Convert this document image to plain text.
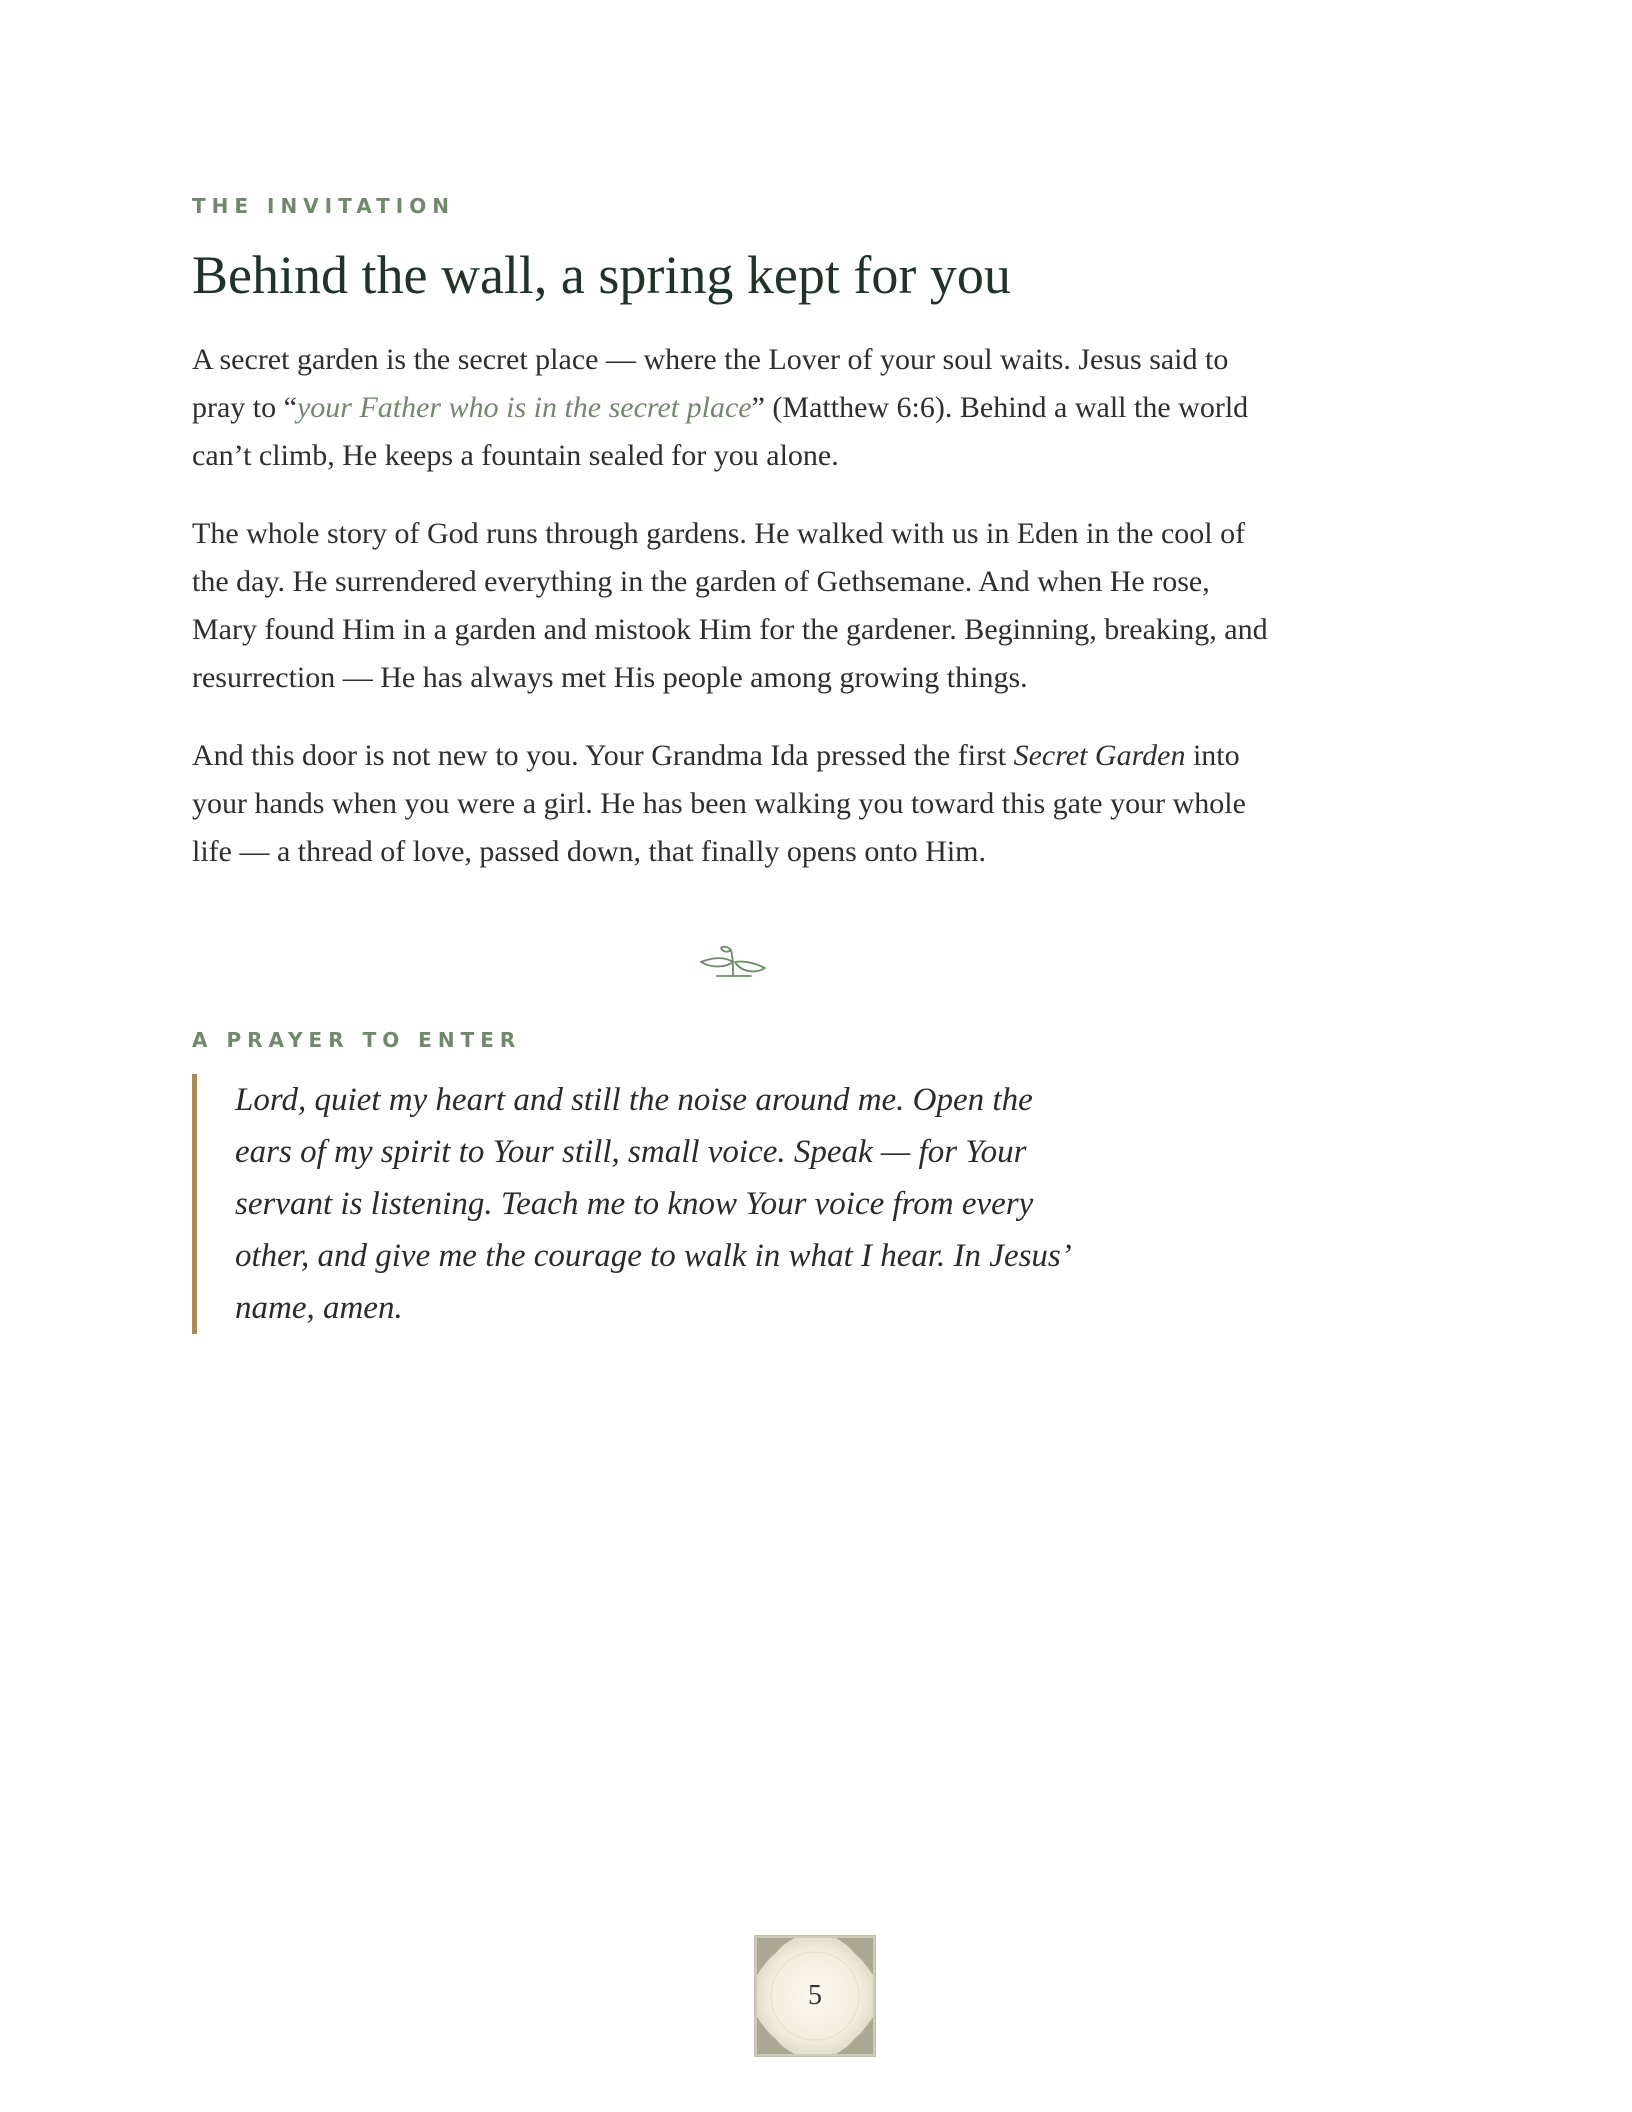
THE INVITATION

Behind the wall, a spring kept for you

A secret garden is the secret place — where the Lover of your soul waits. Jesus said to pray to “your Father who is in the secret place” (Matthew 6:6). Behind a wall the world can’t climb, He keeps a fountain sealed for you alone.

The whole story of God runs through gardens. He walked with us in Eden in the cool of the day. He surrendered everything in the garden of Gethsemane. And when He rose, Mary found Him in a garden and mistook Him for the gardener. Beginning, breaking, and resurrection — He has always met His people among growing things.

And this door is not new to you. Your Grandma Ida pressed the first Secret Garden into your hands when you were a girl. He has been walking you toward this gate your whole life — a thread of love, passed down, that finally opens onto Him.

A PRAYER TO ENTER

Lord, quiet my heart and still the noise around me. Open the ears of my spirit to Your still, small voice. Speak — for Your servant is listening. Teach me to know Your voice from every other, and give me the courage to walk in what I hear. In Jesus’ name, amen.

5
